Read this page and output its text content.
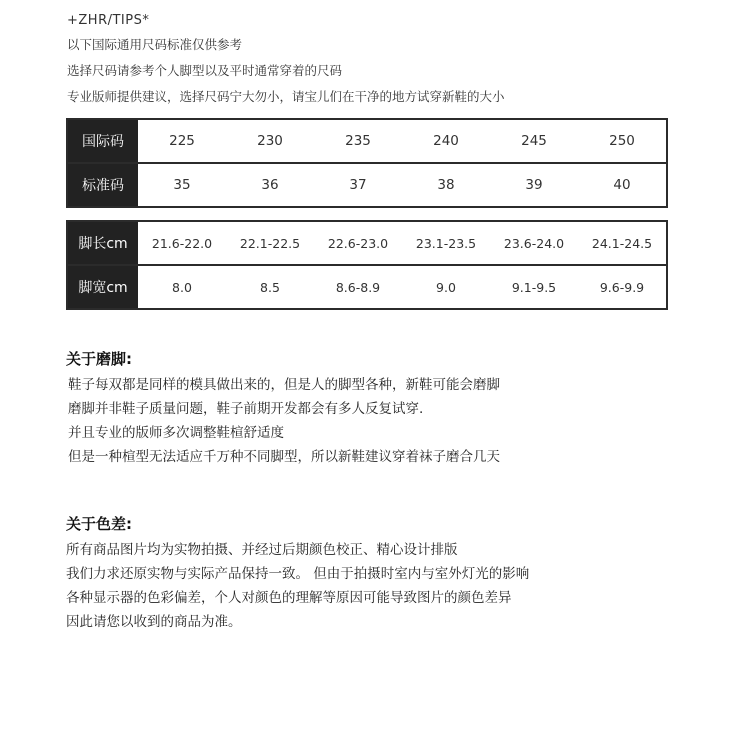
+ZHR/TIPS*
以下国际通用尺码标准仅供参考
选择尺码请参考个人脚型以及平时通常穿着的尺码
专业版师提供建议，选择尺码宁大勿小，请宝儿们在干净的地方试穿新鞋的大小
国际码	225	230	235	240	245	250
标准码	35	36	37	38	39	40
脚长cm	21.6-22.0	22.1-22.5	22.6-23.0	23.1-23.5	23.6-24.0	24.1-24.5
脚宽cm	8.0	8.5	8.6-8.9	9.0	9.1-9.5	9.6-9.9
关于磨脚:
鞋子每双都是同样的模具做出来的，但是人的脚型各种，新鞋可能会磨脚
磨脚并非鞋子质量问题，鞋子前期开发都会有多人反复试穿.
并且专业的版师多次调整鞋楦舒适度
但是一种楦型无法适应千万种不同脚型，所以新鞋建议穿着袜子磨合几天
关于色差:
所有商品图片均为实物拍摄、并经过后期颜色校正、精心设计排版
我们力求还原实物与实际产品保持一致。 但由于拍摄时室内与室外灯光的影响
各种显示器的色彩偏差，个人对颜色的理解等原因可能导致图片的颜色差异
因此请您以收到的商品为准。
